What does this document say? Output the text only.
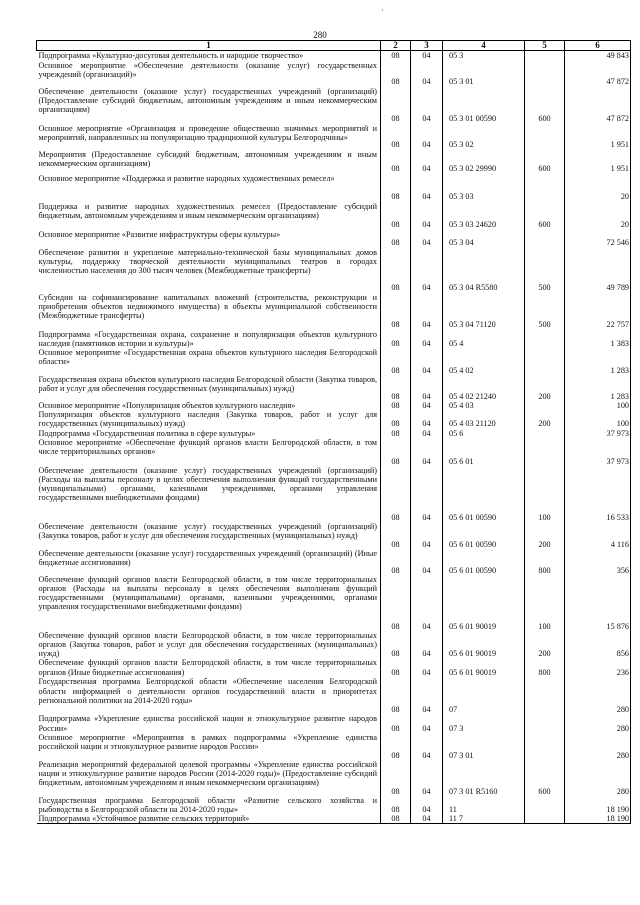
·
280
1	2	3	4	5	6
Подпрограмма «Культурно-досуговая деятельность и народное творчество»	08	04	05 3		49 843
Основное мероприятие «Обеспечение деятельности (оказание услуг) государственных учреждений (организаций)»	08	04	05 3 01		47 872
Обеспечение деятельности (оказание услуг) государственных учреждений (организаций) (Предоставление субсидий бюджетным, автономным учреждениям и иным некоммерческим организациям)	08	04	05 3 01 00590	600	47 872
Основное мероприятие «Организация и проведение общественно значимых мероприятий и мероприятий, направленных на популяризацию традиционной культуры Белгородчины»	08	04	05 3 02		1 951
Мероприятия (Предоставление субсидий бюджетным, автономным учреждениям и иным некоммерческим организациям)	08	04	05 3 02 29990	600	1 951
Основное мероприятие «Поддержка и развитие народных художественных ремесел»	08	04	05 3 03		20
Поддержка и развитие народных художественных ремесел (Предоставление субсидий бюджетным, автономным учреждениям и иным некоммерческим организациям)	08	04	05 3 03 24620	600	20
Основное мероприятие «Развитие инфраструктуры сферы культуры»	08	04	05 3 04		72 546
Обеспечение развития и укрепление материально-технической базы муниципальных домов культуры, поддержку творческой деятельности муниципальных театров в городах численностью населения до 300 тысяч человек (Межбюджетные трансферты)	08	04	05 3 04 R5580	500	49 789
Субсидии на софинансирование капитальных вложений (строительства, реконструкции и приобретения объектов недвижимого имущества) в объекты муниципальной собственности (Межбюджетные трансферты)	08	04	05 3 04 71120	500	22 757
Подпрограмма «Государственная охрана, сохранение и популяризация объектов культурного наследия (памятников истории и культуры)»	08	04	05 4		1 383
Основное мероприятие «Государственная охрана объектов культурного наследия Белгородской области»	08	04	05 4 02		1 283
Государственная охрана объектов культурного наследия Белгородской области (Закупка товаров, работ и услуг для обеспечения государственных (муниципальных) нужд)	08	04	05 4 02 21240	200	1 283
Основное мероприятие «Популяризация объектов культурного наследия»	08	04	05 4 03		100
Популяризация объектов культурного наследия (Закупка товаров, работ и услуг для государственных (муниципальных) нужд)	08	04	05 4 03 21120	200	100
Подпрограмма «Государственная политика в сфере культуры»	08	04	05 6		37 973
Основное мероприятие «Обеспечение функций органов власти Белгородской области, в том числе территориальных органов»	08	04	05 6 01		37 973
Обеспечение деятельности (оказание услуг) государственных учреждений (организаций) (Расходы на выплаты персоналу в целях обеспечения выполнения функций государственными (муниципальными) органами, казенными учреждениями, органами управления государственными внебюджетными фондами)	08	04	05 6 01 00590	100	16 533
Обеспечение деятельности (оказание услуг) государственных учреждений (организаций) (Закупка товаров, работ и услуг для обеспечения государственных (муниципальных) нужд)	08	04	05 6 01 00590	200	4 116
Обеспечение деятельности (оказание услуг) государственных учреждений (организаций) (Иные бюджетные ассигнования)	08	04	05 6 01 00590	800	356
Обеспечение функций органов власти Белгородской области, в том числе территориальных органов (Расходы на выплаты персоналу в целях обеспечения выполнения функций государственными (муниципальными) органами, казенными учреждениями, органами управления государственными внебюджетными фондами)	08	04	05 6 01 90019	100	15 876
Обеспечение функций органов власти Белгородской области, в том числе территориальных органов (Закупка товаров, работ и услуг для обеспечения государственных (муниципальных) нужд)	08	04	05 6 01 90019	200	856
Обеспечение функций органов власти Белгородской области, в том числе территориальных органов (Иные бюджетные ассигнования)	08	04	05 6 01 90019	800	236
Государственная программа Белгородской области «Обеспечение населения Белгородской области информацией о деятельности органов государственной власти и приоритетах региональной политики на 2014-2020 годы»	08	04	07		280
Подпрограмма «Укрепление единства российской нации и этнокультурное развитие народов России»	08	04	07 3		280
Основное мероприятие «Мероприятия в рамках подпрограммы «Укрепление единства российской нации и этнокультурное развитие народов России»	08	04	07 3 01		280
Реализация мероприятий федеральной целевой программы «Укрепление единства российской нации и этнокультурное развитие народов России (2014-2020 годы)» (Предоставление субсидий бюджетным, автономным учреждениям и иным некоммерческим организациям)	08	04	07 3 01 R5160	600	280
Государственная программа Белгородской области «Развитие сельского хозяйства и рыбоводства в Белгородской области на 2014-2020 годы»	08	04	11		18 190
Подпрограмма «Устойчивое развитие сельских территорий»	08	04	11 7		18 190
